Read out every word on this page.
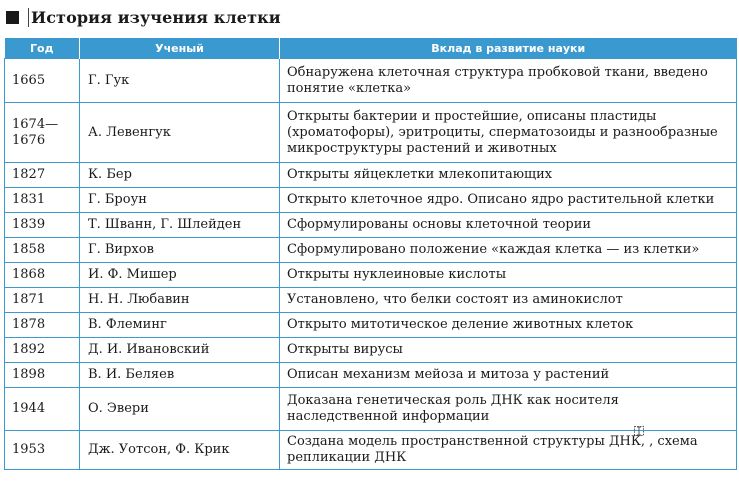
История изучения клетки
Год	Ученый	Вклад в развитие науки
1665	Г. Гук	Обнаружена клеточная структура пробковой ткани, введено понятие «клетка»
1674—1676	А. Левенгук	Открыты бактерии и простейшие, описаны пластиды (хроматофоры), эритроциты, сперматозоиды и разнообразные микроструктуры растений и животных
1827	К. Бер	Открыты яйцеклетки млекопитающих
1831	Г. Броун	Открыто клеточное ядро. Описано ядро растительной клетки
1839	Т. Шванн, Г. Шлейден	Сформулированы основы клеточной теории
1858	Г. Вирхов	Сформулировано положение «каждая клетка — из клетки»
1868	И. Ф. Мишер	Открыты нуклеиновые кислоты
1871	Н. Н. Любавин	Установлено, что белки состоят из аминокислот
1878	В. Флеминг	Открыто митотическое деление животных клеток
1892	Д. И. Ивановский	Открыты вирусы
1898	В. И. Беляев	Описан механизм мейоза и митоза у растений
1944	О. Эвери	Доказана генетическая роль ДНК как носителя наследственной информации
1953	Дж. Уотсон, Ф. Крик	Создана модель пространственной структуры ДНК, , схема репликации ДНК
